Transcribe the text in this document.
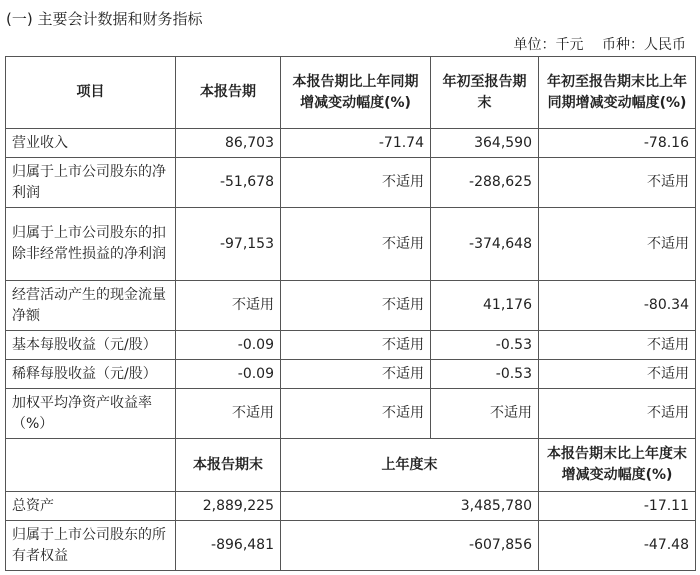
(一) 主要会计数据和财务指标
单位：千元 币种：人民币
项目	本报告期	本报告期比上年同期增减变动幅度(%)	年初至报告期末	年初至报告期末比上年同期增减变动幅度(%)
营业收入	86,703	-71.74	364,590	-78.16
归属于上市公司股东的净利润	-51,678	不适用	-288,625	不适用
归属于上市公司股东的扣除非经常性损益的净利润	-97,153	不适用	-374,648	不适用
经营活动产生的现金流量净额	不适用	不适用	41,176	-80.34
基本每股收益（元/股）	-0.09	不适用	-0.53	不适用
稀释每股收益（元/股）	-0.09	不适用	-0.53	不适用
加权平均净资产收益率（%）	不适用	不适用	不适用	不适用
	本报告期末	上年度末		本报告期末比上年度末增减变动幅度(%)
总资产	2,889,225	3,485,780		-17.11
归属于上市公司股东的所有者权益	-896,481	-607,856		-47.48
